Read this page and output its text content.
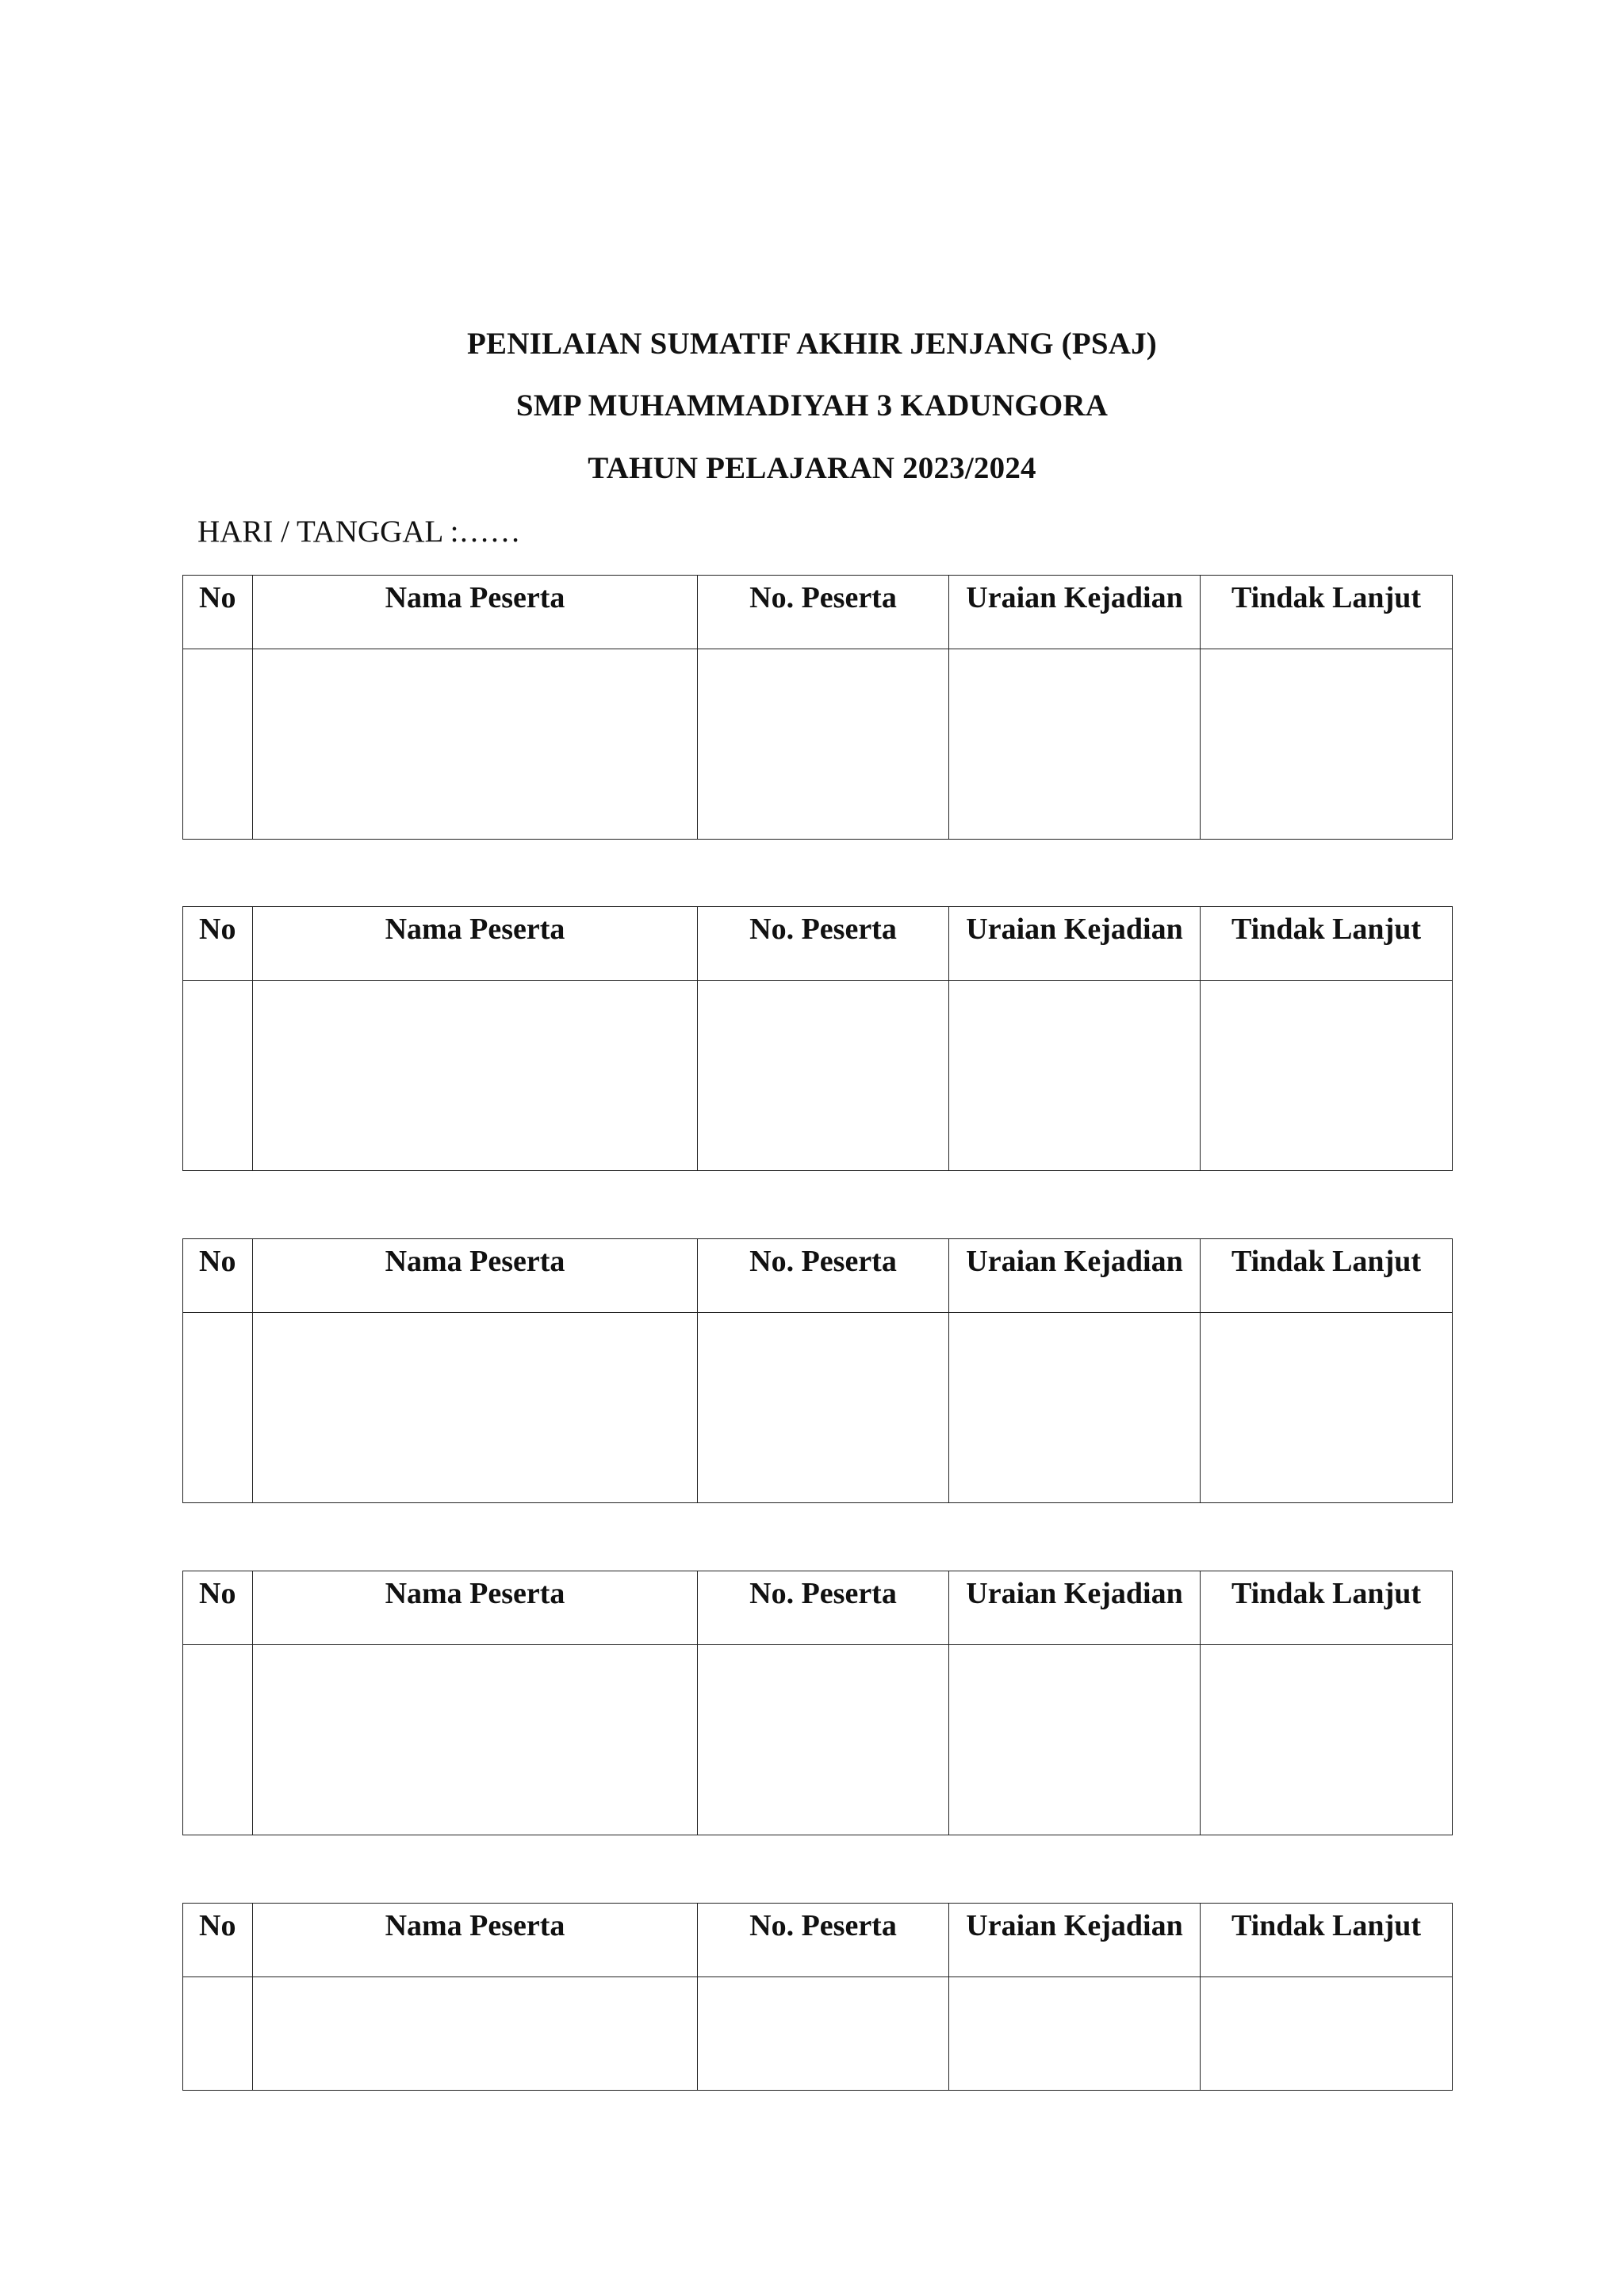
PENILAIAN SUMATIF AKHIR JENJANG (PSAJ)
SMP MUHAMMADIYAH 3 KADUNGORA
TAHUN PELAJARAN 2023/2024
HARI / TANGGAL :……
No	Nama Peserta	No. Peserta	Uraian Kejadian	Tindak Lanjut

No	Nama Peserta	No. Peserta	Uraian Kejadian	Tindak Lanjut

No	Nama Peserta	No. Peserta	Uraian Kejadian	Tindak Lanjut

No	Nama Peserta	No. Peserta	Uraian Kejadian	Tindak Lanjut

No	Nama Peserta	No. Peserta	Uraian Kejadian	Tindak Lanjut
